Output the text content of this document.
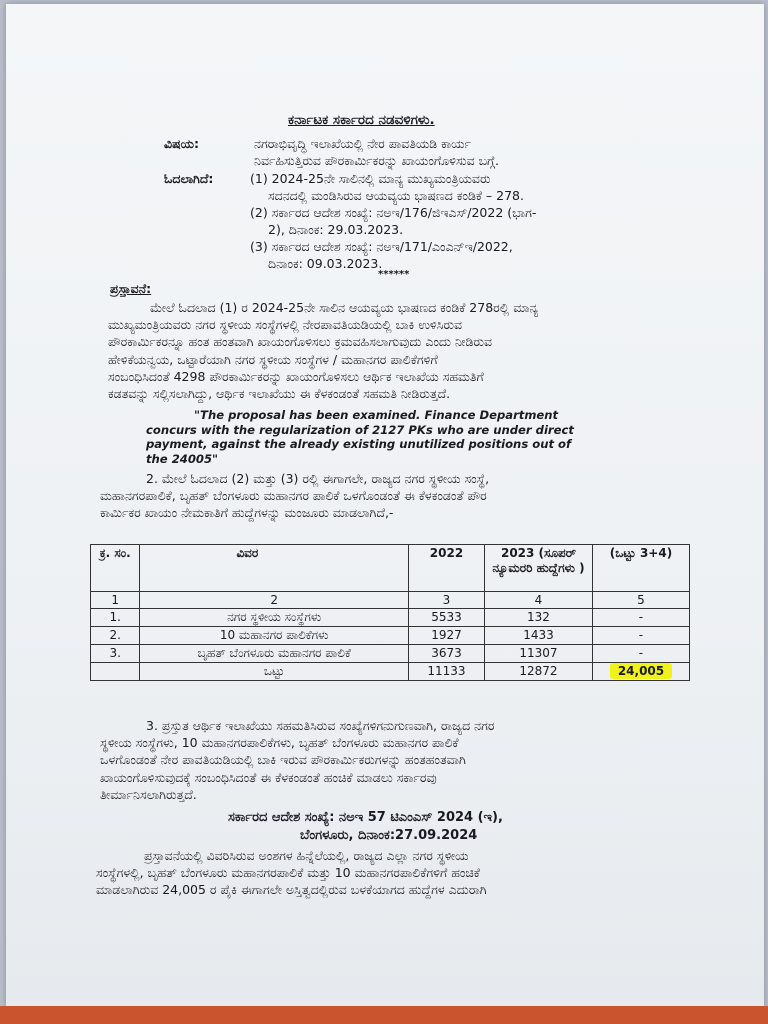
ಕರ್ನಾಟಕ ಸರ್ಕಾರದ ನಡವಳಿಗಳು.
ವಿಷಯ:	ನಗರಾಭಿವೃದ್ಧಿ ಇಲಾಖೆಯಲ್ಲಿ ನೇರ ಪಾವತಿಯಡಿ ಕಾರ್ಯ
ನಿರ್ವಹಿಸುತ್ತಿರುವ ಪೌರಕಾರ್ಮಿಕರನ್ನು ಖಾಯಂಗೊಳಿಸುವ ಬಗ್ಗೆ.
ಓದಲಾಗಿದೆ:	(1) 2024-25ನೇ ಸಾಲಿನಲ್ಲಿ ಮಾನ್ಯ ಮುಖ್ಯಮಂತ್ರಿಯವರು
ಸದನದಲ್ಲಿ ಮಂಡಿಸಿರುವ ಆಯವ್ಯಯ ಭಾಷಣದ ಕಂಡಿಕೆ – 278.
(2) ಸರ್ಕಾರದ ಆದೇಶ ಸಂಖ್ಯೆ: ನಅಇ/176/ಜಿಇಎಸ್/2022 (ಭಾಗ-
2), ದಿನಾಂಕ: 29.03.2023.
(3) ಸರ್ಕಾರದ ಆದೇಶ ಸಂಖ್ಯೆ: ನಅಇ/171/ಎಂಎನ್‌ಇ/2022,
ದಿನಾಂಕ: 09.03.2023.
******
ಪ್ರಸ್ತಾವನೆ:
ಮೇಲೆ ಓದಲಾದ (1) ರ 2024-25ನೇ ಸಾಲಿನ ಆಯವ್ಯಯ ಭಾಷಣದ ಕಂಡಿಕೆ 278ರಲ್ಲಿ ಮಾನ್ಯ
ಮುಖ್ಯಮಂತ್ರಿಯವರು ನಗರ ಸ್ಥಳೀಯ ಸಂಸ್ಥೆಗಳಲ್ಲಿ ನೇರಪಾವತಿಯಡಿಯಲ್ಲಿ ಬಾಕಿ ಉಳಿಸಿರುವ
ಪೌರಕಾರ್ಮಿಕರನ್ನೂ ಹಂತ ಹಂತವಾಗಿ ಖಾಯಂಗೊಳಿಸಲು ಕ್ರಮವಹಿಸಲಾಗುವುದು ಎಂದು ನೀಡಿರುವ
ಹೇಳಿಕೆಯನ್ವಯ, ಒಟ್ಟಾರೆಯಾಗಿ ನಗರ ಸ್ಥಳೀಯ ಸಂಸ್ಥೆಗಳ / ಮಹಾನಗರ ಪಾಲಿಕೆಗಳಿಗೆ
ಸಂಬಂಧಿಸಿದಂತೆ 4298 ಪೌರಕಾರ್ಮಿಕರನ್ನು ಖಾಯಂಗೊಳಿಸಲು ಆರ್ಥಿಕ ಇಲಾಖೆಯ ಸಹಮತಿಗೆ
ಕಡತವನ್ನು ಸಲ್ಲಿಸಲಾಗಿದ್ದು, ಆರ್ಥಿಕ ಇಲಾಖೆಯು ಈ ಕೆಳಕಂಡಂತೆ ಸಹಮತಿ ನೀಡಿರುತ್ತದೆ.
"The proposal has been examined. Finance Department
concurs with the regularization of 2127 PKs who are under direct
payment, against the already existing unutilized positions out of
the 24005"
2. ಮೇಲೆ ಓದಲಾದ (2) ಮತ್ತು (3) ರಲ್ಲಿ ಈಗಾಗಲೇ, ರಾಜ್ಯದ ನಗರ ಸ್ಥಳೀಯ ಸಂಸ್ಥೆ,
ಮಹಾನಗರಪಾಲಿಕೆ, ಬೃಹತ್ ಬೆಂಗಳೂರು ಮಹಾನಗರ ಪಾಲಿಕೆ ಒಳಗೊಂಡಂತೆ ಈ ಕೆಳಕಂಡಂತೆ ಪೌರ
ಕಾರ್ಮಿಕರ ಖಾಯಂ ನೇಮಕಾತಿಗೆ ಹುದ್ದೆಗಳನ್ನು ಮಂಜೂರು ಮಾಡಲಾಗಿದೆ,-
ಕ್ರ. ಸಂ.	ವಿವರ	2022	2023 (ಸೂಪರ್ ನ್ಯೂಮರರಿ ಹುದ್ದೆಗಳು )	(ಒಟ್ಟು 3+4)
1	2	3	4	5
1.	ನಗರ ಸ್ಥಳೀಯ ಸಂಸ್ಥೆಗಳು	5533	132	-
2.	10 ಮಹಾನಗರ ಪಾಲಿಕೆಗಳು	1927	1433	-
3.	ಬೃಹತ್ ಬೆಂಗಳೂರು ಮಹಾನಗರ ಪಾಲಿಕೆ	3673	11307	-
	ಒಟ್ಟು	11133	12872	24,005
3. ಪ್ರಸ್ತುತ ಆರ್ಥಿಕ ಇಲಾಖೆಯು ಸಹಮತಿಸಿರುವ ಸಂಖ್ಯೆಗಳಿಗನುಗುಣವಾಗಿ, ರಾಜ್ಯದ ನಗರ
ಸ್ಥಳೀಯ ಸಂಸ್ಥೆಗಳು, 10 ಮಹಾನಗರಪಾಲಿಕೆಗಳು, ಬೃಹತ್ ಬೆಂಗಳೂರು ಮಹಾನಗರ ಪಾಲಿಕೆ
ಒಳಗೊಂಡಂತೆ ನೇರ ಪಾವತಿಯಡಿಯಲ್ಲಿ ಬಾಕಿ ಇರುವ ಪೌರಕಾರ್ಮಿಕರುಗಳನ್ನು ಹಂತಹಂತವಾಗಿ
ಖಾಯಂಗೊಳಿಸುವುದಕ್ಕೆ ಸಂಬಂಧಿಸಿದಂತೆ ಈ ಕೆಳಕಂಡಂತೆ ಹಂಚಿಕೆ ಮಾಡಲು ಸರ್ಕಾರವು
ತೀರ್ಮಾನಿಸಲಾಗಿರುತ್ತದೆ.
ಸರ್ಕಾರದ ಆದೇಶ ಸಂಖ್ಯೆ: ನಅಇ 57 ಟಿಎಂಎಸ್ 2024 (ಇ),
ಬೆಂಗಳೂರು, ದಿನಾಂಕ:27.09.2024
ಪ್ರಸ್ತಾವನೆಯಲ್ಲಿ ವಿವರಿಸಿರುವ ಅಂಶಗಳ ಹಿನ್ನೆಲೆಯಲ್ಲಿ, ರಾಜ್ಯದ ಎಲ್ಲಾ ನಗರ ಸ್ಥಳೀಯ
ಸಂಸ್ಥೆಗಳಲ್ಲಿ, ಬೃಹತ್ ಬೆಂಗಳೂರು ಮಹಾನಗರಪಾಲಿಕೆ ಮತ್ತು 10 ಮಹಾನಗರಪಾಲಿಕೆಗಳಿಗೆ ಹಂಚಿಕೆ
ಮಾಡಲಾಗಿರುವ 24,005 ರ ಪೈಕಿ ಈಗಾಗಲೇ ಅಸ್ತಿತ್ವದಲ್ಲಿರುವ ಬಳಕೆಯಾಗದ ಹುದ್ದೆಗಳ ಎದುರಾಗಿ
